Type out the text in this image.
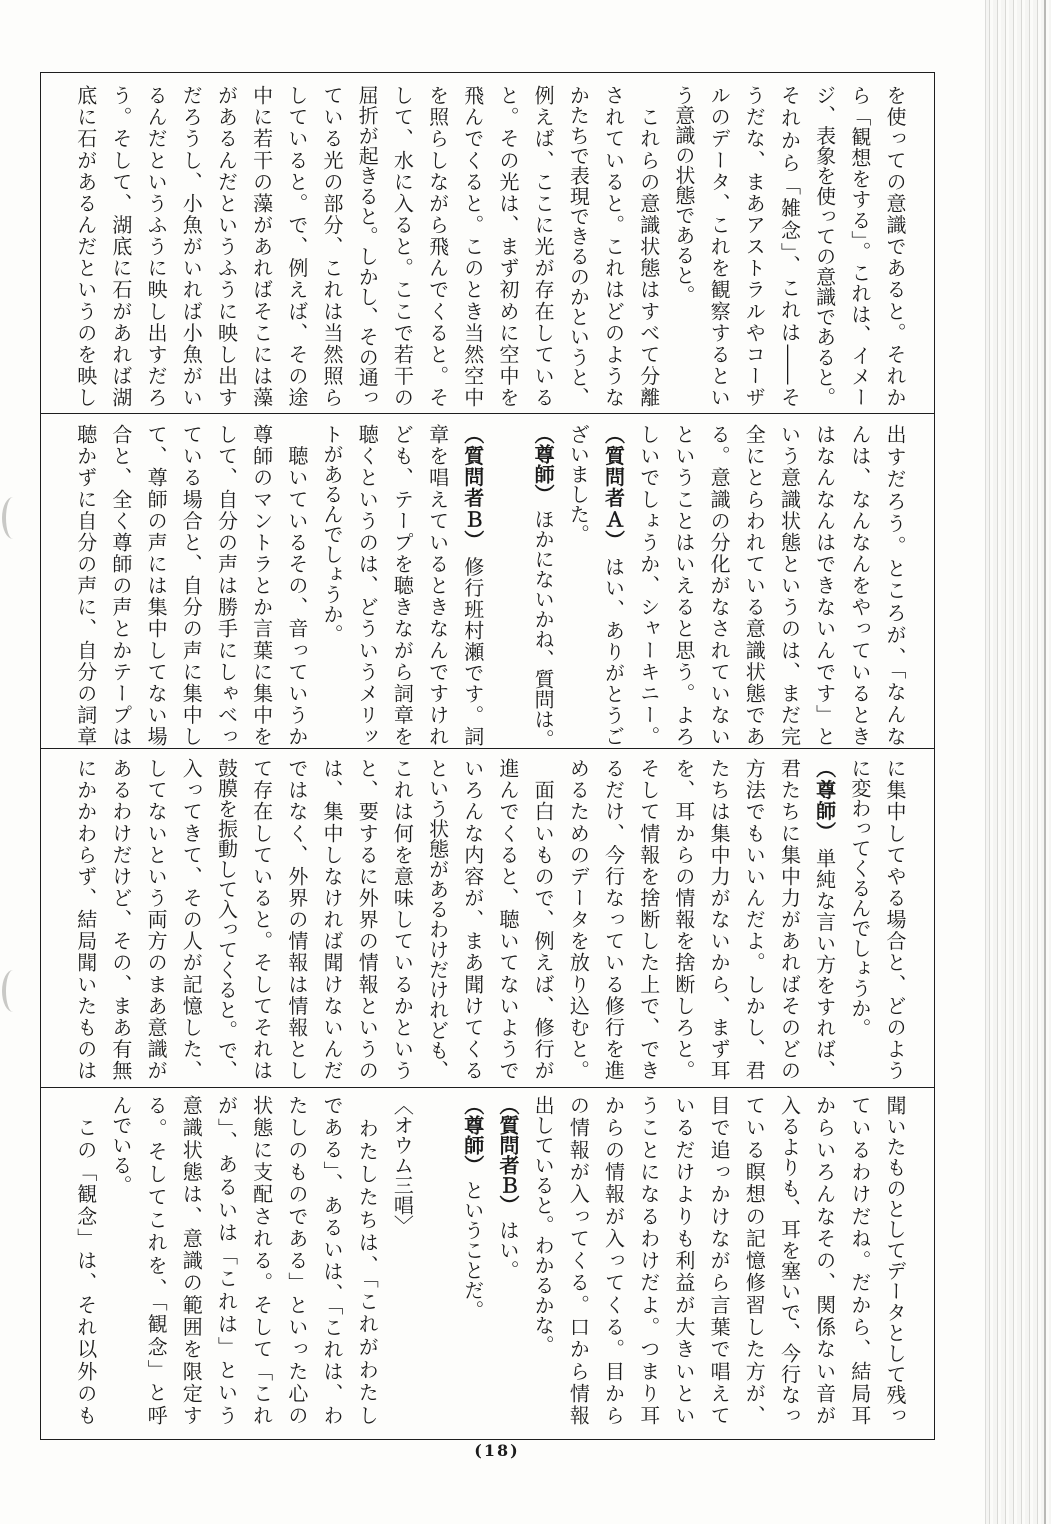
を使っての意識であると。それか
ら「観想をする」。これは、イメー
ジ、表象を使っての意識であると。
それから「雑念」、これは――そ
うだな、まあアストラルやコーザ
ルのデータ、これを観察するとい
う意識の状態であると。
　これらの意識状態はすべて分離
されていると。これはどのような
かたちで表現できるのかというと、
例えば、ここに光が存在している
と。その光は、まず初めに空中を
飛んでくると。このとき当然空中
を照らしながら飛んでくると。そ
して、水に入ると。ここで若干の
屈折が起きると。しかし、その通っ
ている光の部分、これは当然照ら
していると。で、例えば、その途
中に若干の藻があればそこには藻
があるんだというふうに映し出す
だろうし、小魚がいれば小魚がい
るんだというふうに映し出すだろ
う。そして、湖底に石があれば湖
底に石があるんだというのを映し
出すだろう。ところが、「なんな
んは、なんなんをやっているとき
はなんなんはできないんです」と
いう意識状態というのは、まだ完
全にとらわれている意識状態であ
る。意識の分化がなされていない
ということはいえると思う。よろ
しいでしょうか、シャーキニー。
（質問者Ａ）はい、ありがとうご
ざいました。
（尊師）ほかにないかね、質問は。
（質問者Ｂ）修行班村瀬です。詞
章を唱えているときなんですけれ
ども、テープを聴きながら詞章を
聴くというのは、どういうメリッ
トがあるんでしょうか。
　聴いているその、音っていうか
尊師のマントラとか言葉に集中を
して、自分の声は勝手にしゃべっ
ている場合と、自分の声に集中し
て、尊師の声には集中してない場
合と、全く尊師の声とかテープは
聴かずに自分の声に、自分の詞章
に集中してやる場合と、どのよう
に変わってくるんでしょうか。
（尊師）単純な言い方をすれば、
君たちに集中力があればそのどの
方法でもいいんだよ。しかし、君
たちは集中力がないから、まず耳
を、耳からの情報を捨断しろと。
そして情報を捨断した上で、でき
るだけ、今行なっている修行を進
めるためのデータを放り込むと。
　面白いもので、例えば、修行が
進んでくると、聴いてないようで
いろんな内容が、まあ聞けてくる
という状態があるわけだけれども、
これは何を意味しているかという
と、要するに外界の情報というの
は、集中しなければ聞けないんだ
ではなく、外界の情報は情報とし
て存在していると。そしてそれは
鼓膜を振動して入ってくると。で、
入ってきて、その人が記憶した、
してないという両方のまあ意識が
あるわけだけど、その、まあ有無
にかかわらず、結局聞いたものは
聞いたものとしてデータとして残っ
ているわけだね。だから、結局耳
からいろんなその、関係ない音が
入るよりも、耳を塞いで、今行なっ
ている瞑想の記憶修習した方が、
目で追っかけながら言葉で唱えて
いるだけよりも利益が大きいとい
うことになるわけだよ。つまり耳
からの情報が入ってくる。目から
の情報が入ってくる。口から情報
出していると。わかるかな。
（質問者Ｂ）はい。
（尊師）ということだ。
〈オウム三唱〉
　わたしたちは、「これがわたし
である」、あるいは、「これは、わ
たしのものである」といった心の
状態に支配される。そして「これ
が」、あるいは「これは」という
意識状態は、意識の範囲を限定す
る。そしてこれを、「観念」と呼
んでいる。
　この「観念」は、それ以外のも
(18)
